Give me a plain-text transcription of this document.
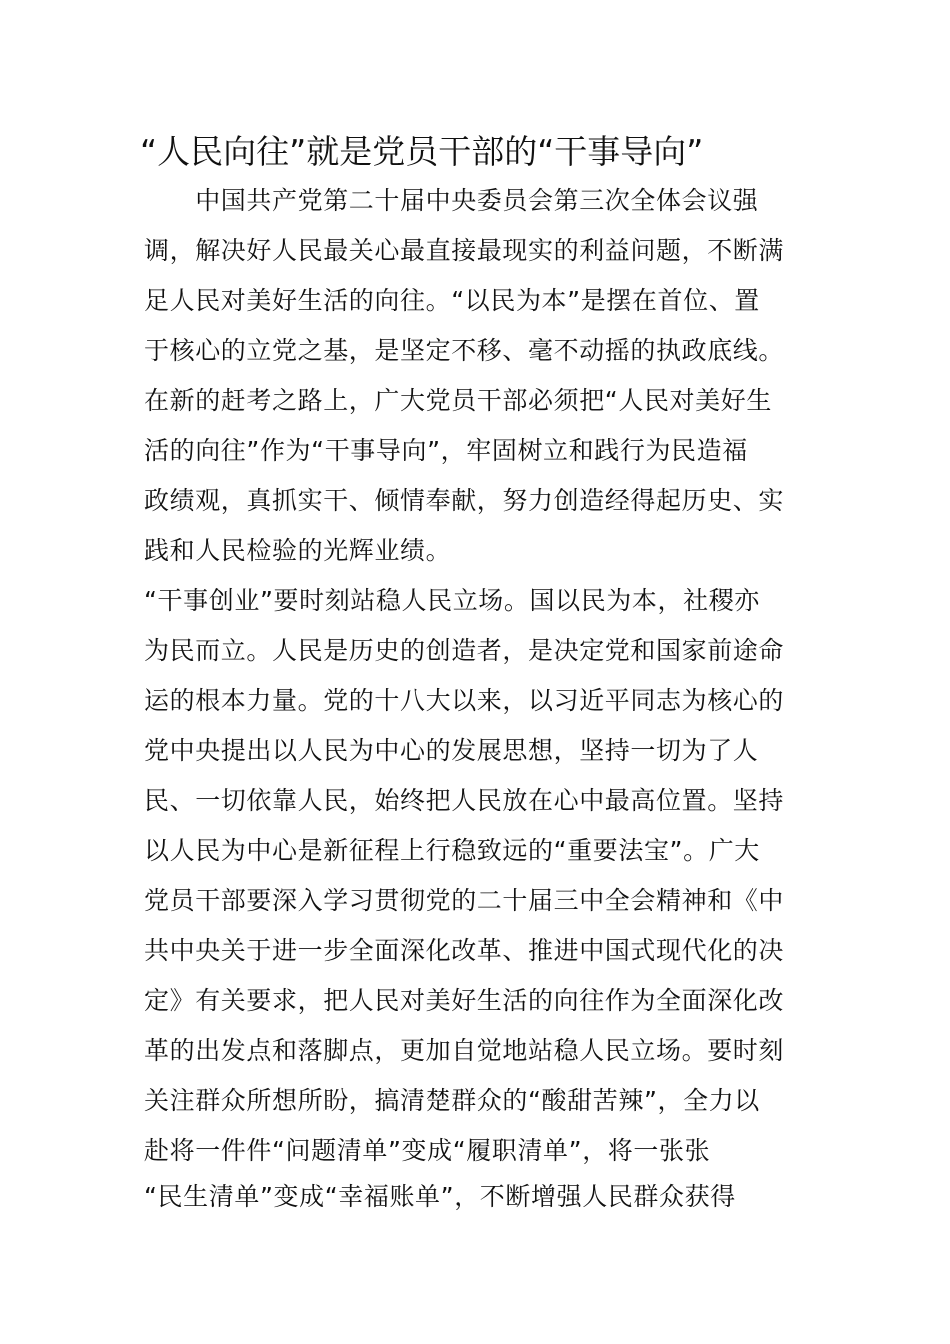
“人民向往”就是党员干部的“干事导向”
　　中国共产党第二十届中央委员会第三次全体会议强
调，解决好人民最关心最直接最现实的利益问题，不断满
足人民对美好生活的向往。“以民为本”是摆在首位、置
于核心的立党之基，是坚定不移、毫不动摇的执政底线。
在新的赶考之路上，广大党员干部必须把“人民对美好生
活的向往”作为“干事导向”，牢固树立和践行为民造福
政绩观，真抓实干、倾情奉献，努力创造经得起历史、实
践和人民检验的光辉业绩。
“干事创业”要时刻站稳人民立场。国以民为本，社稷亦
为民而立。人民是历史的创造者，是决定党和国家前途命
运的根本力量。党的十八大以来，以习近平同志为核心的
党中央提出以人民为中心的发展思想，坚持一切为了人
民、一切依靠人民，始终把人民放在心中最高位置。坚持
以人民为中心是新征程上行稳致远的“重要法宝”。广大
党员干部要深入学习贯彻党的二十届三中全会精神和《中
共中央关于进一步全面深化改革、推进中国式现代化的决
定》有关要求，把人民对美好生活的向往作为全面深化改
革的出发点和落脚点，更加自觉地站稳人民立场。要时刻
关注群众所想所盼，搞清楚群众的“酸甜苦辣”，全力以
赴将一件件“问题清单”变成“履职清单”，将一张张
“民生清单”变成“幸福账单”，不断增强人民群众获得
